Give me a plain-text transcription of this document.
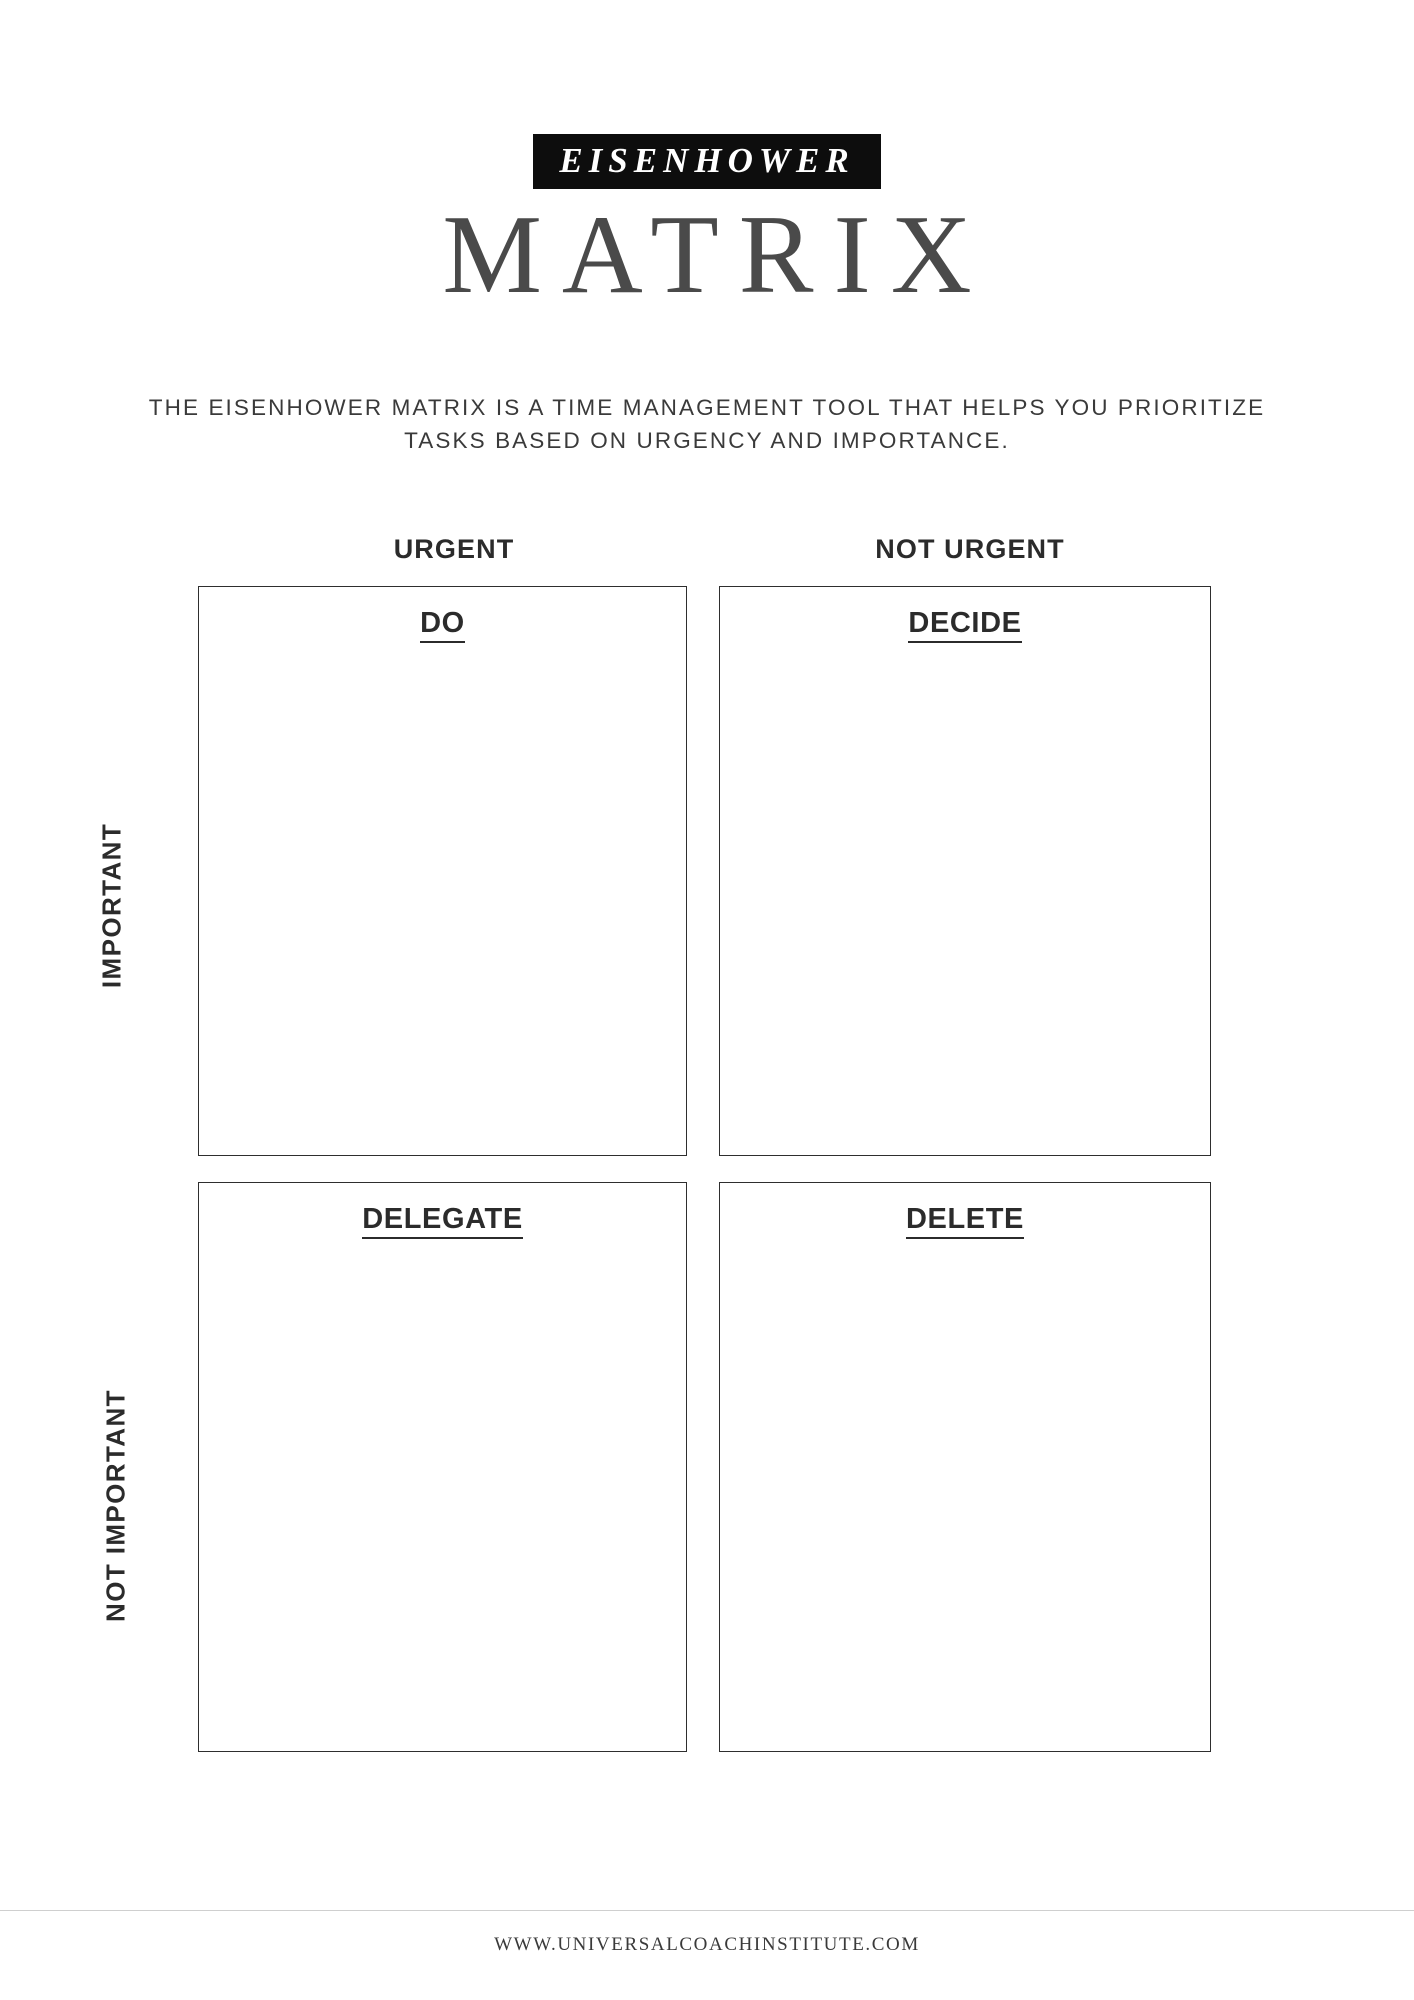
EISENHOWER
MATRIX
THE EISENHOWER MATRIX IS A TIME MANAGEMENT TOOL THAT HELPS YOU PRIORITIZE TASKS BASED ON URGENCY AND IMPORTANCE.
URGENT	NOT URGENT
IMPORTANT
NOT IMPORTANT
DO	DECIDE
DELEGATE	DELETE
WWW.UNIVERSALCOACHINSTITUTE.COM
